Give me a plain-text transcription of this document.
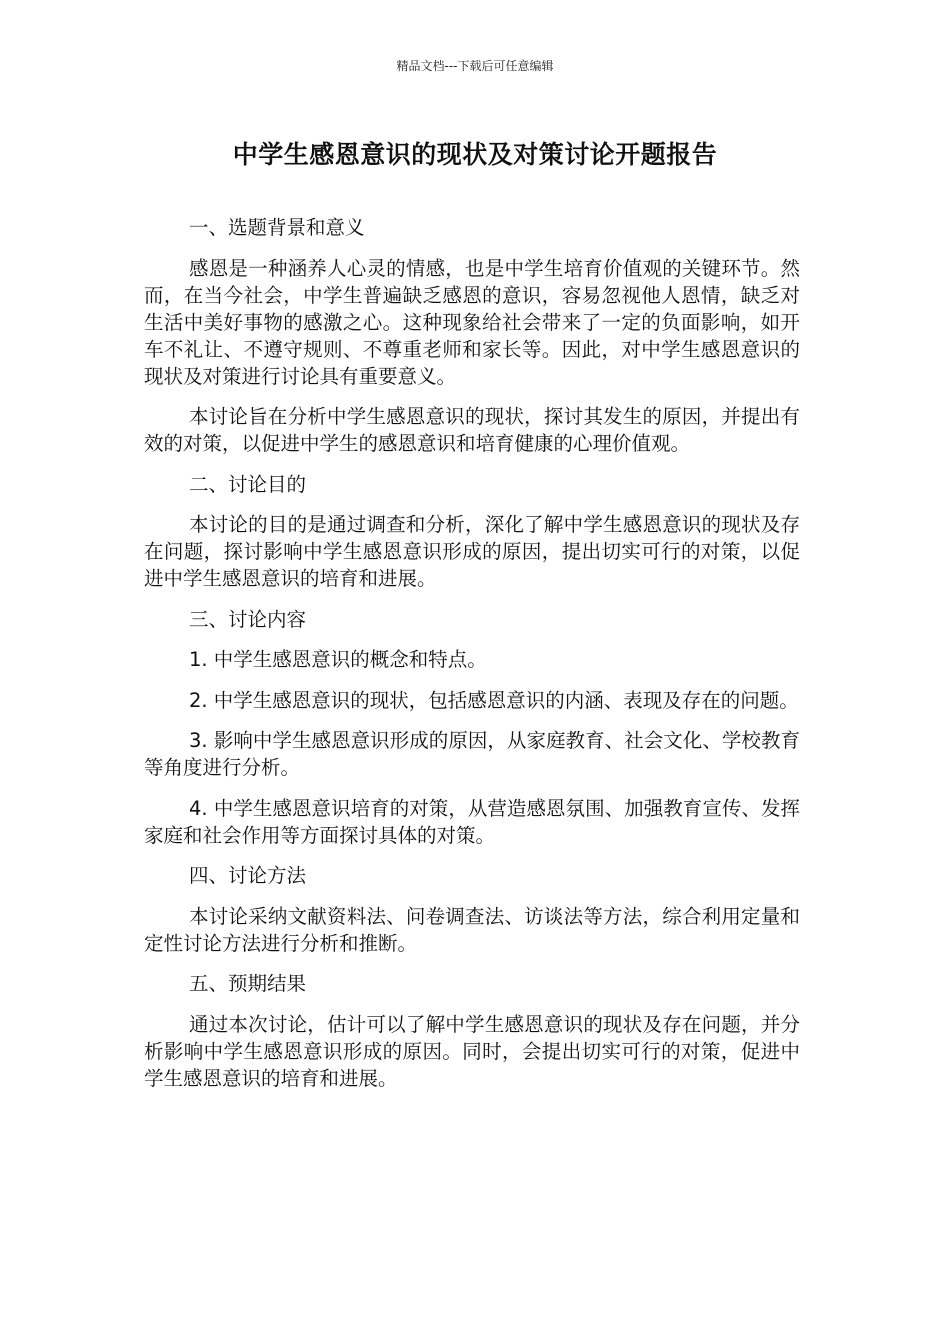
精品文档---下载后可任意编辑
中学生感恩意识的现状及对策讨论开题报告
一、选题背景和意义

感恩是一种涵养人心灵的情感，也是中学生培育价值观的关键环节。然而，在当今社会，中学生普遍缺乏感恩的意识，容易忽视他人恩情，缺乏对生活中美好事物的感激之心。这种现象给社会带来了一定的负面影响，如开车不礼让、不遵守规则、不尊重老师和家长等。因此，对中学生感恩意识的现状及对策进行讨论具有重要意义。

本讨论旨在分析中学生感恩意识的现状，探讨其发生的原因，并提出有效的对策，以促进中学生的感恩意识和培育健康的心理价值观。

二、讨论目的

本讨论的目的是通过调查和分析，深化了解中学生感恩意识的现状及存在问题，探讨影响中学生感恩意识形成的原因，提出切实可行的对策，以促进中学生感恩意识的培育和进展。

三、讨论内容

1. 中学生感恩意识的概念和特点。

2. 中学生感恩意识的现状，包括感恩意识的内涵、表现及存在的问题。

3. 影响中学生感恩意识形成的原因，从家庭教育、社会文化、学校教育等角度进行分析。

4. 中学生感恩意识培育的对策，从营造感恩氛围、加强教育宣传、发挥家庭和社会作用等方面探讨具体的对策。

四、讨论方法

本讨论采纳文献资料法、问卷调查法、访谈法等方法，综合利用定量和定性讨论方法进行分析和推断。

五、预期结果

通过本次讨论，估计可以了解中学生感恩意识的现状及存在问题，并分析影响中学生感恩意识形成的原因。同时，会提出切实可行的对策，促进中学生感恩意识的培育和进展。
